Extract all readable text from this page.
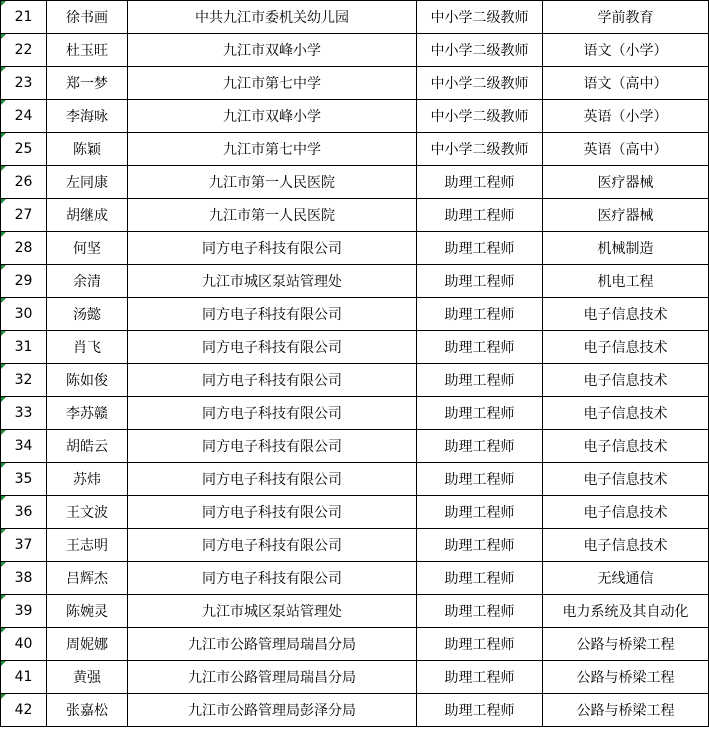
21	徐书画	中共九江市委机关幼儿园	中小学二级教师	学前教育
22	杜玉旺	九江市双峰小学	中小学二级教师	语文（小学）
23	郑一梦	九江市第七中学	中小学二级教师	语文（高中）
24	李海咏	九江市双峰小学	中小学二级教师	英语（小学）
25	陈颖	九江市第七中学	中小学二级教师	英语（高中）
26	左同康	九江市第一人民医院	助理工程师	医疗器械
27	胡继成	九江市第一人民医院	助理工程师	医疗器械
28	何坚	同方电子科技有限公司	助理工程师	机械制造
29	余清	九江市城区泵站管理处	助理工程师	机电工程
30	汤懿	同方电子科技有限公司	助理工程师	电子信息技术
31	肖飞	同方电子科技有限公司	助理工程师	电子信息技术
32	陈如俊	同方电子科技有限公司	助理工程师	电子信息技术
33	李苏赣	同方电子科技有限公司	助理工程师	电子信息技术
34	胡皓云	同方电子科技有限公司	助理工程师	电子信息技术
35	苏炜	同方电子科技有限公司	助理工程师	电子信息技术
36	王文波	同方电子科技有限公司	助理工程师	电子信息技术
37	王志明	同方电子科技有限公司	助理工程师	电子信息技术
38	吕辉杰	同方电子科技有限公司	助理工程师	无线通信
39	陈婉灵	九江市城区泵站管理处	助理工程师	电力系统及其自动化
40	周妮娜	九江市公路管理局瑞昌分局	助理工程师	公路与桥梁工程
41	黄强	九江市公路管理局瑞昌分局	助理工程师	公路与桥梁工程
42	张嘉松	九江市公路管理局彭泽分局	助理工程师	公路与桥梁工程
